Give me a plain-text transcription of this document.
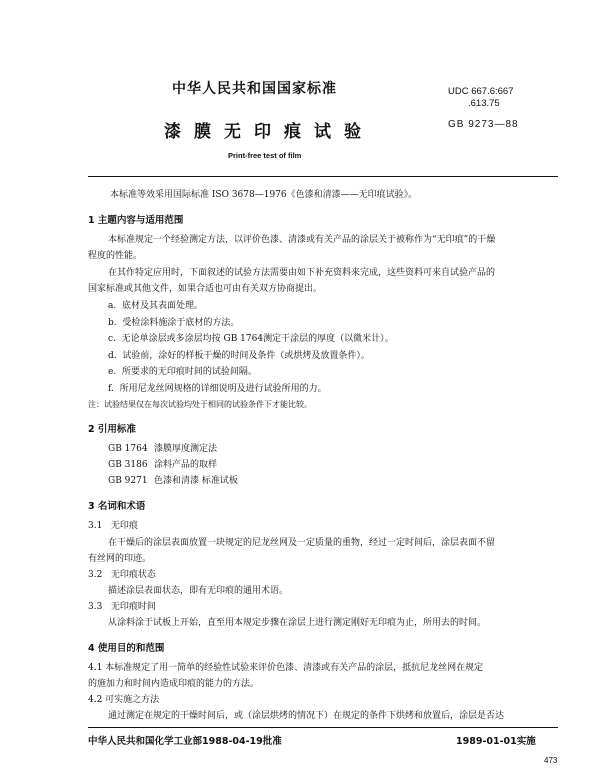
中华人民共和国国家标准	UDC 667.6:667
.613.75
漆膜无印痕试验	GB 9273—88
Print-free test of film
本标准等效采用国际标准 ISO 3678—1976《色漆和清漆——无印痕试验》。
1 主题内容与适用范围
本标准规定一个经验测定方法，以评价色漆、清漆或有关产品的涂层关于被称作为“无印痕”的干燥
程度的性能。
在其作特定应用时，下面叙述的试验方法需要由如下补充资料来完成，这些资料可来自试验产品的
国家标准或其他文件，如果合适也可由有关双方协商提出。
a. 底材及其表面处理。
b. 受检涂料施涂于底材的方法。
c. 无论单涂层或多涂层均按 GB 1764测定干涂层的厚度（以微米计）。
d. 试验前，涂好的样板干燥的时间及条件（或烘烤及放置条件）。
e. 所要求的无印痕时间的试验间隔。
f. 所用尼龙丝网规格的详细说明及进行试验所用的力。
注：试验结果仅在每次试验均处于相同的试验条件下才能比较。
2 引用标准
GB 1764 漆膜厚度测定法
GB 3186 涂料产品的取样
GB 9271 色漆和清漆 标准试板
3 名词和术语
3.1 无印痕
在干燥后的涂层表面放置一块规定的尼龙丝网及一定质量的重物，经过一定时间后，涂层表面不留
有丝网的印迹。
3.2 无印痕状态
描述涂层表面状态，即有无印痕的通用术语。
3.3 无印痕时间
从涂料涂于试板上开始，直至用本规定步骤在涂层上进行测定刚好无印痕为止，所用去的时间。
4 使用目的和范围
4.1 本标准规定了用一简单的经验性试验来评价色漆、清漆或有关产品的涂层，抵抗尼龙丝网在规定
的施加力和时间内造成印痕的能力的方法。
4.2 可实施之方法
通过测定在规定的干燥时间后，或（涂层烘烤的情况下）在规定的条件下烘烤和放置后，涂层是否达
中华人民共和国化学工业部1988-04-19批准	1989-01-01实施
473
